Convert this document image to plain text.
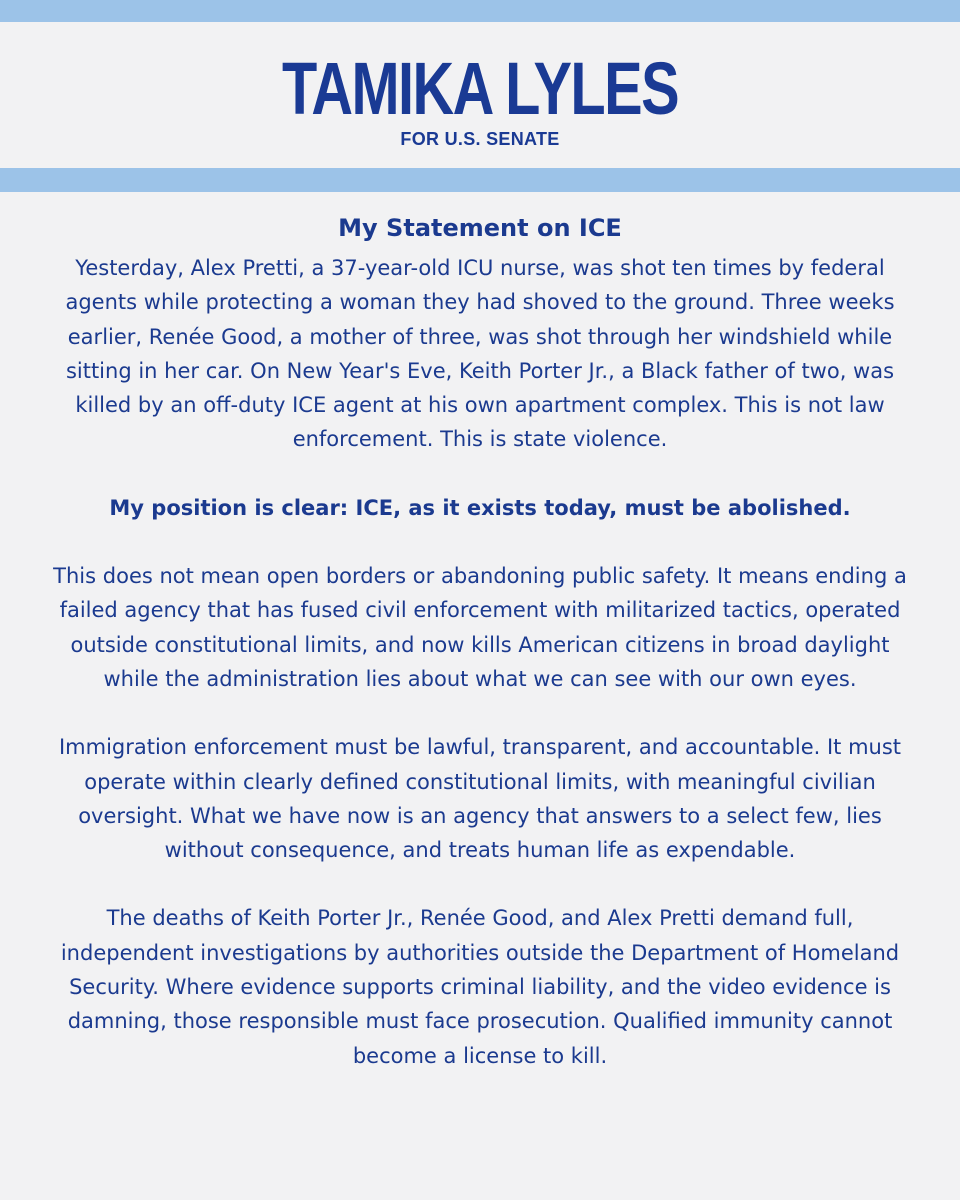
TAMIKA LYLES
FOR U.S. SENATE
My Statement on ICE

Yesterday, Alex Pretti, a 37-year-old ICU nurse, was shot ten times by federal agents while protecting a woman they had shoved to the ground. Three weeks earlier, Renée Good, a mother of three, was shot through her windshield while sitting in her car. On New Year's Eve, Keith Porter Jr., a Black father of two, was killed by an off-duty ICE agent at his own apartment complex. This is not law enforcement. This is state violence.

My position is clear: ICE, as it exists today, must be abolished.

This does not mean open borders or abandoning public safety. It means ending a failed agency that has fused civil enforcement with militarized tactics, operated outside constitutional limits, and now kills American citizens in broad daylight while the administration lies about what we can see with our own eyes.

Immigration enforcement must be lawful, transparent, and accountable. It must operate within clearly defined constitutional limits, with meaningful civilian oversight. What we have now is an agency that answers to a select few, lies without consequence, and treats human life as expendable.

The deaths of Keith Porter Jr., Renée Good, and Alex Pretti demand full, independent investigations by authorities outside the Department of Homeland Security. Where evidence supports criminal liability, and the video evidence is damning, those responsible must face prosecution. Qualified immunity cannot become a license to kill.
